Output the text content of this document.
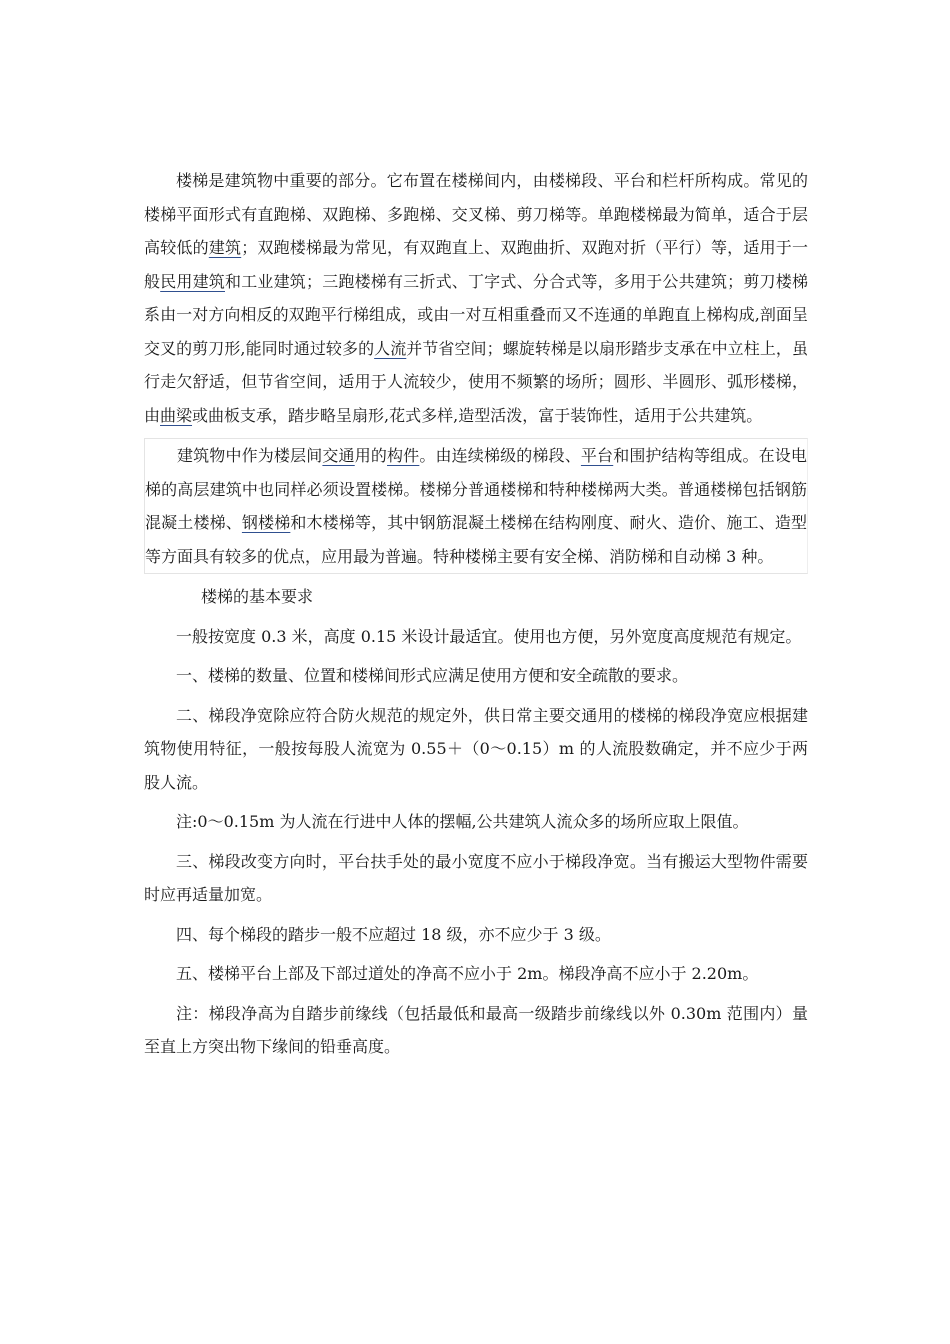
楼梯是建筑物中重要的部分。它布置在楼梯间内，由楼梯段、平台和栏杆所构成。常见的楼梯平面形式有直跑梯、双跑梯、多跑梯、交叉梯、剪刀梯等。单跑楼梯最为简单，适合于层高较低的建筑；双跑楼梯最为常见，有双跑直上、双跑曲折、双跑对折（平行）等，适用于一般民用建筑和工业建筑；三跑楼梯有三折式、丁字式、分合式等，多用于公共建筑；剪刀楼梯系由一对方向相反的双跑平行梯组成，或由一对互相重叠而又不连通的单跑直上梯构成,剖面呈交叉的剪刀形,能同时通过较多的人流并节省空间；螺旋转梯是以扇形踏步支承在中立柱上，虽行走欠舒适，但节省空间，适用于人流较少，使用不频繁的场所；圆形、半圆形、弧形楼梯，由曲梁或曲板支承，踏步略呈扇形,花式多样,造型活泼，富于装饰性，适用于公共建筑。

建筑物中作为楼层间交通用的构件。由连续梯级的梯段、平台和围护结构等组成。在设电梯的高层建筑中也同样必须设置楼梯。楼梯分普通楼梯和特种楼梯两大类。普通楼梯包括钢筋混凝土楼梯、钢楼梯和木楼梯等，其中钢筋混凝土楼梯在结构刚度、耐火、造价、施工、造型等方面具有较多的优点，应用最为普遍。特种楼梯主要有安全梯、消防梯和自动梯 3 种。

楼梯的基本要求

一般按宽度 0.3 米，高度 0.15 米设计最适宜。使用也方便，另外宽度高度规范有规定。

一、楼梯的数量、位置和楼梯间形式应满足使用方便和安全疏散的要求。

二、梯段净宽除应符合防火规范的规定外，供日常主要交通用的楼梯的梯段净宽应根据建筑物使用特征，一般按每股人流宽为 0.55＋（0～0.15）m 的人流股数确定，并不应少于两股人流。

注:0～0.15m 为人流在行进中人体的摆幅,公共建筑人流众多的场所应取上限值。

三、梯段改变方向时，平台扶手处的最小宽度不应小于梯段净宽。当有搬运大型物件需要时应再适量加宽。

四、每个梯段的踏步一般不应超过 18 级，亦不应少于 3 级。

五、楼梯平台上部及下部过道处的净高不应小于 2m。梯段净高不应小于 2.20m。

注：梯段净高为自踏步前缘线（包括最低和最高一级踏步前缘线以外 0.30m 范围内）量至直上方突出物下缘间的铅垂高度。
